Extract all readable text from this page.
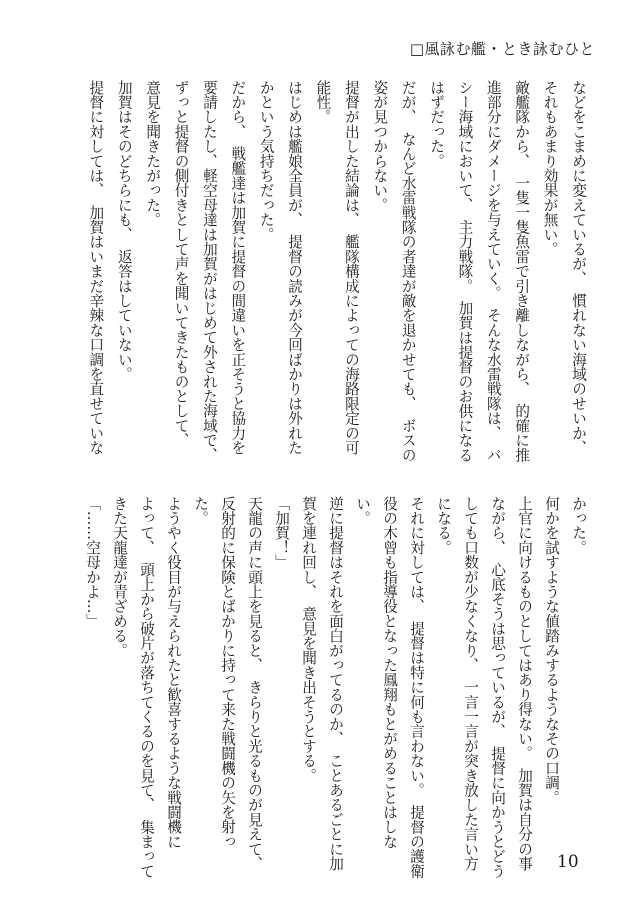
□風詠む艦・とき詠むひと
などをこまめに変えているが、　慣れない海域のせいか、
それもあまり効果が無い。
敵艦隊から、　一隻一隻魚雷で引き離しながら、　的確に推
進部分にダメージを与えていく。　そんな水雷戦隊は、　バ
シー海域において、　主力戦隊。　加賀は提督のお供になる
はずだった。
だが、　なんど水雷戦隊の者達が敵を退かせても、　ボスの
姿が見つからない。
提督が出した結論は、　艦隊構成によっての海路限定の可
能性。
はじめは艦娘全員が、　提督の読みが今回ばかりは外れた
かという気持ちだった。
だから、　戦艦達は加賀に提督の間違いを正そうと協力を
要請したし、軽空母達は加賀がはじめて外された海域で、
ずっと提督の側付きとして声を聞いてきたものとして、
意見を聞きたがった。
加賀はそのどちらにも、　返答はしていない。
提督に対しては、　加賀はいまだ辛辣な口調を直せていな
かった。
何かを試すような値踏みするようなその口調。
上官に向けるものとしてはあり得ない。　加賀は自分の事
ながら、　心底そうは思っているが、　提督に向かうとどう
しても口数が少なくなり、　一言一言が突き放した言い方
になる。
それに対しては、　提督は特に何も言わない。　提督の護衛
役の木曾も指導役となった鳳翔もとがめることはしな
い。
逆に提督はそれを面白がってるのか、　ことあるごとに加
賀を連れ回し、　意見を聞き出そうとする。
「加賀！」
天龍の声に頭上を見ると、　きらりと光るものが見えて、
反射的に保険とばかりに持って来た戦闘機の矢を射っ
た。
ようやく役目が与えられたと歓喜するような戦闘機に
よって、　頭上から破片が落ちてくるのを見て、　集まって
きた天龍達が青ざめる。
「……空母かよ…」
10
